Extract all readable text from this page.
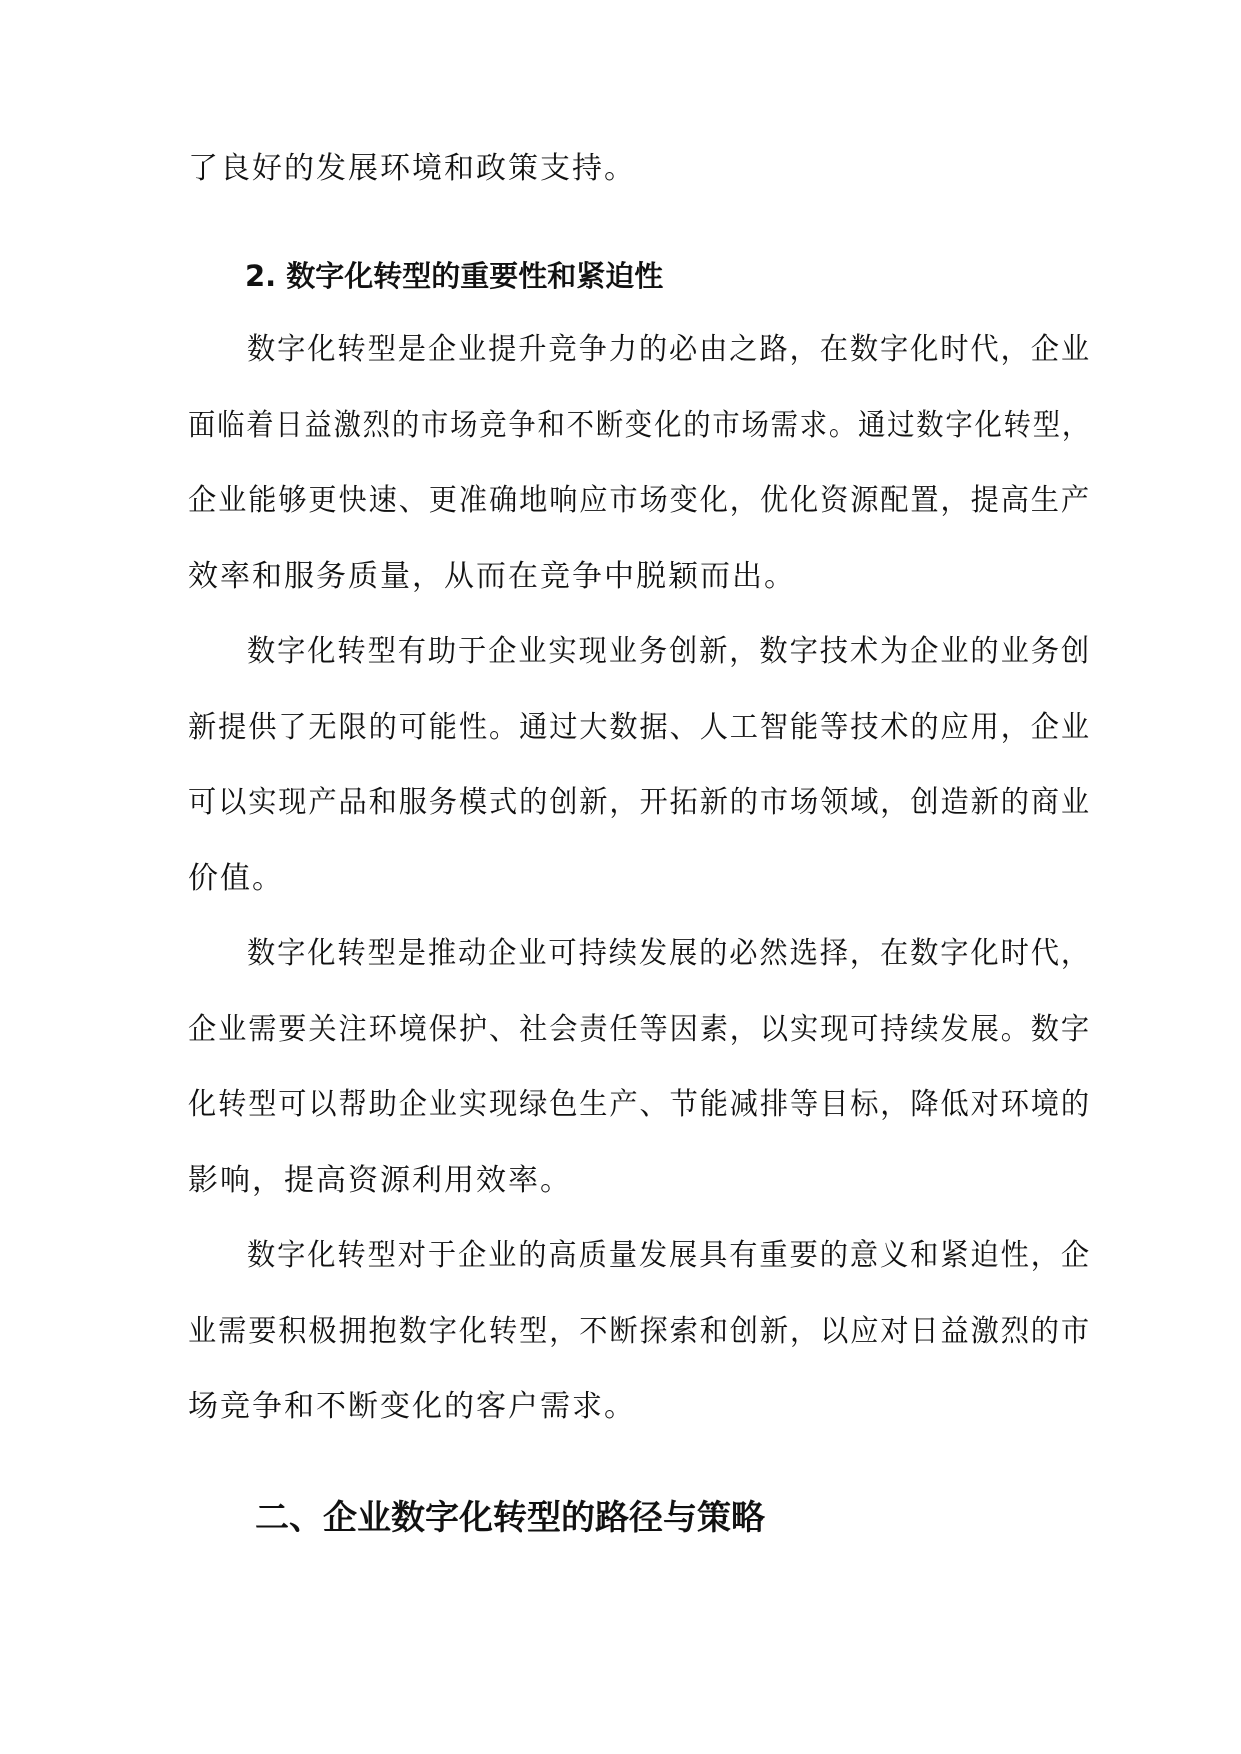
了良好的发展环境和政策支持。
2. 数字化转型的重要性和紧迫性
数字化转型是企业提升竞争力的必由之路，在数字化时代，企业
面临着日益激烈的市场竞争和不断变化的市场需求。通过数字化转型，
企业能够更快速、更准确地响应市场变化，优化资源配置，提高生产
效率和服务质量，从而在竞争中脱颖而出。
数字化转型有助于企业实现业务创新，数字技术为企业的业务创
新提供了无限的可能性。通过大数据、人工智能等技术的应用，企业
可以实现产品和服务模式的创新，开拓新的市场领域，创造新的商业
价值。
数字化转型是推动企业可持续发展的必然选择，在数字化时代，
企业需要关注环境保护、社会责任等因素，以实现可持续发展。数字
化转型可以帮助企业实现绿色生产、节能减排等目标，降低对环境的
影响，提高资源利用效率。
数字化转型对于企业的高质量发展具有重要的意义和紧迫性，企
业需要积极拥抱数字化转型，不断探索和创新，以应对日益激烈的市
场竞争和不断变化的客户需求。
二、企业数字化转型的路径与策略
